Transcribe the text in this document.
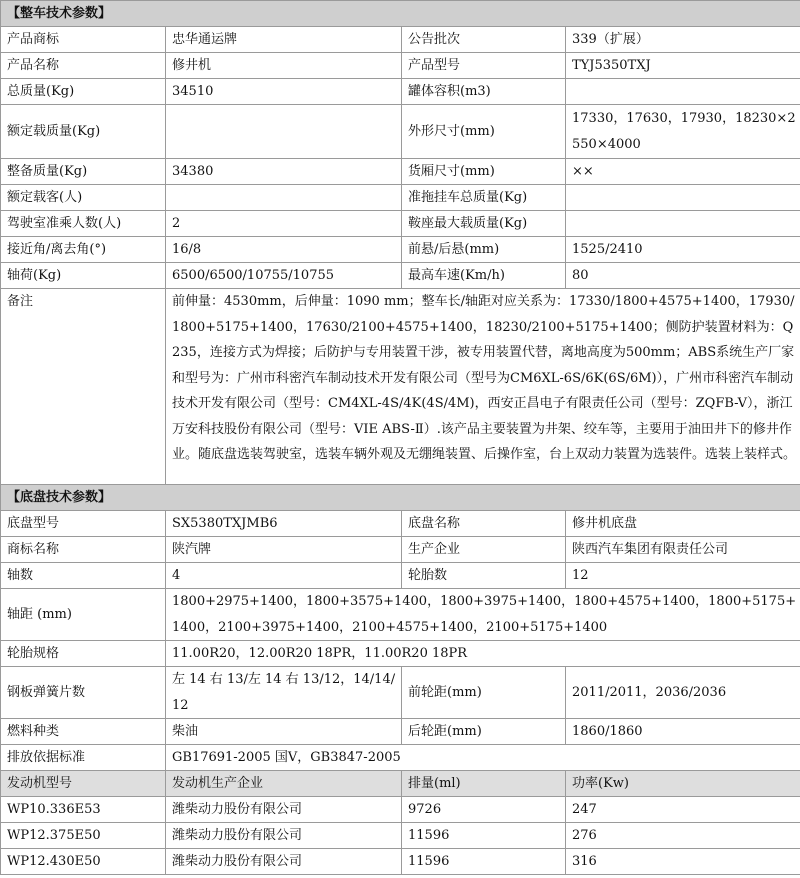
【整车技术参数】			
产品商标	忠华通运牌	公告批次	339（扩展）
产品名称	修井机	产品型号	TYJ5350TXJ
总质量(Kg)	34510	罐体容积(m3)	
额定载质量(Kg)		外形尺寸(mm)	17330，17630，17930，18230×2550×4000
整备质量(Kg)	34380	货厢尺寸(mm)	××
额定载客(人)		准拖挂车总质量(Kg)	
驾驶室准乘人数(人)	2	鞍座最大载质量(Kg)	
接近角/离去角(°)	16/8	前悬/后悬(mm)	1525/2410
轴荷(Kg)	6500/6500/10755/10755	最高车速(Km/h)	80
备注	前伸量：4530mm，后伸量：1090 mm；整车长/轴距对应关系为：17330/1800+4575+1400，17930/1800+5175+1400，17630/2100+4575+1400，18230/2100+5175+1400；侧防护装置材料为：Q235，连接方式为焊接；后防护与专用装置干涉，被专用装置代替，离地高度为500mm；ABS系统生产厂家和型号为：广州市科密汽车制动技术开发有限公司（型号为CM6XL-6S/6K(6S/6M)），广州市科密汽车制动技术开发有限公司（型号：CM4XL-4S/4K(4S/4M)，西安正昌电子有限责任公司（型号：ZQFB-V），浙江万安科技股份有限公司（型号：VIE ABS-Ⅱ）.该产品主要装置为井架、绞车等，主要用于油田井下的修井作业。随底盘选装驾驶室，选装车辆外观及无绷绳装置、后操作室，台上双动力装置为选装件。选装上装样式。		
【底盘技术参数】			
底盘型号	SX5380TXJMB6	底盘名称	修井机底盘
商标名称	陕汽牌	生产企业	陕西汽车集团有限责任公司
轴数	4	轮胎数	12
轴距 (mm)	1800+2975+1400，1800+3575+1400，1800+3975+1400，1800+4575+1400，1800+5175+1400，2100+3975+1400，2100+4575+1400，2100+5175+1400		
轮胎规格	11.00R20，12.00R20 18PR，11.00R20 18PR		
钢板弹簧片数	左 14 右 13/左 14 右 13/12，14/14/12	前轮距(mm)	2011/2011，2036/2036
燃料种类	柴油	后轮距(mm)	1860/1860
排放依据标准	GB17691-2005 国Ⅴ，GB3847-2005		
发动机型号	发动机生产企业	排量(ml)	功率(Kw)
WP10.336E53	潍柴动力股份有限公司	9726	247
WP12.375E50	潍柴动力股份有限公司	11596	276
WP12.430E50	潍柴动力股份有限公司	11596	316
